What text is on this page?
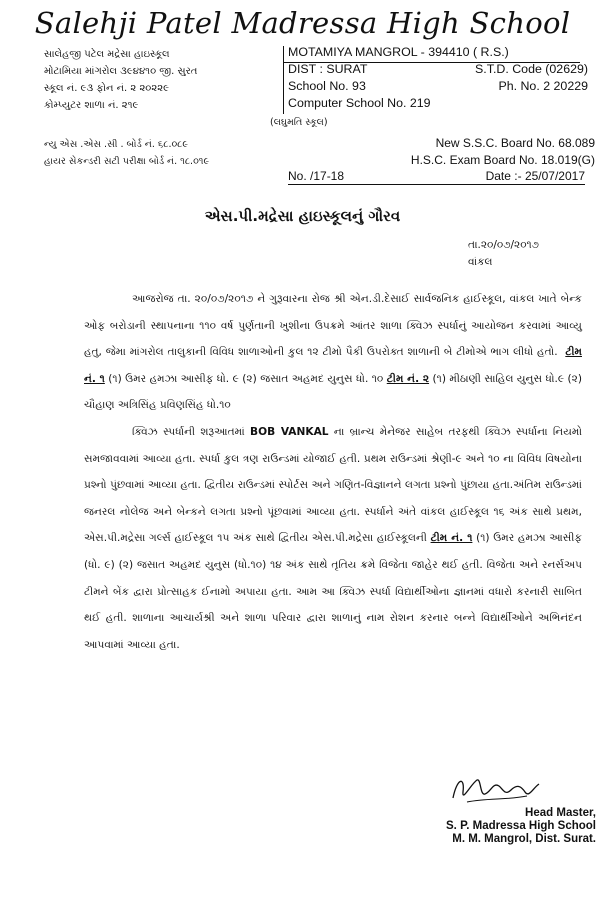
Salehji Patel Madressa High School
સાલેહજી પટેલ મદ્રેસા હાઇસ્કૂલ
મોટામિયા માંગરોલ ૩૯૪૪૧૦ જી. સુરત
સ્કૂલ નં. ૯૩ ફોન નં. ૨ ૨૦૨૨૯
કોમ્પ્યુટર શાળા નં. ૨૧૯
MOTAMIYA MANGROL - 394410 ( R.S.)
DIST : SURAT	S.T.D. Code (02629)
School No. 93	Ph. No. 2 20229
Computer School No. 219
(લઘુમતિ સ્કૂલ)
ન્યુ એસ .એસ .સી . બોર્ડ નં. ૬૮.૦૮૯
હાયર સેકન્ડરી સટી પરીક્ષા બોર્ડ નં. ૧૮.૦૧૯
New S.S.C. Board No. 68.089
H.S.C. Exam Board No. 18.019(G)
No. /17-18	Date :- 25/07/2017
એસ.પી.મદ્રેસા હાઇસ્કૂલનું ગૌરવ
તા.૨૦/૦૭/૨૦૧૭
વાંકલ

આજરોજ તા. ૨૦/૦૭/૨૦૧૭ ને ગુરૂવારના રોજ શ્રી એન.ડી.દેસાઈ સાર્વજનિક હાઈસ્કૂલ, વાંકલ ખાતે બેન્ક ઓફ બરોડાની સ્થાપનાના ૧૧૦ વર્ષ પુર્ણતાની ખુશીના ઉપક્રમે આંતર શાળા ક્વિઝ સ્પર્ધાનું આયોજન કરવામાં આવ્યુ હતુ, જેમા માંગરોલ તાલુકાની વિવિધ શાળાઓની કુલ ૧૨ ટીમો પૈકી ઉપરોક્ત શાળાની બે ટીમોએ ભાગ લીધો હતો. ટીમ નં. ૧ (૧) ઉમર હમઝા આસીફ ધો. ૯ (૨) જસાત અહમદ યુનુસ ધો. ૧૦ ટીમ નં. ૨ (૧) મીઠાણી સાહિલ યુનુસ ધો.૯ (૨) ચૌહાણ અત્રિસિંહ પ્રવિણસિંહ ધો.૧૦

ક્વિઝ સ્પર્ધાની શરૂઆતમાં BOB VANKAL ના બ્રાન્ચ મેનેજર સાહેબ તરફથી ક્વિઝ સ્પર્ધાના નિયમો સમજાવવામાં આવ્યા હતા. સ્પર્ધા કુલ ત્રણ રાઉન્ડમાં યોજાઈ હતી. પ્રથમ રાઉન્ડમાં શ્રેણી-૯ અને ૧૦ ના વિવિધ વિષયોના પ્રશ્નો પુંછવામાં આવ્યા હતા. દ્વિતીય રાઉન્ડમાં સ્પોર્ટસ અને ગણિત-વિજ્ઞાનને લગતા પ્રશ્નો પુંછાયા હતા.અંતિમ રાઉન્ડમાં જનરલ નોલેજ અને બેન્કને લગતા પ્રશ્નો પૂંછવામાં આવ્યા હતા. સ્પર્ધાને અંતે વાંકલ હાઈસ્કૂલ ૧૬ અંક સાથે પ્રથમ, એસ.પી.મદ્રેસા ગર્લ્સ હાઈસ્કૂલ ૧૫ અંક સાથે દ્વિતીય એસ.પી.મદ્રેસા હાઈસ્કૂલની ટીમ નં. ૧ (૧) ઉમર હમઝા આસીફ (ધો. ૯) (૨) જસાત અહમદ યુનુસ (ધો.૧૦) ૧૪ અંક સાથે તૃતિય ક્રમે વિજેતા જાહેર થઈ હતી. વિજેતા અને રનર્સઅપ ટીમને બેંક દ્વારા પ્રોત્સાહક ઈનામો અપાયા હતા. આમ આ ક્વિઝ સ્પર્ધા વિદ્યાર્થીઓના જ્ઞાનમાં વધારો કરનારી સાબિત થઈ હતી. શાળાના આચાર્યશ્રી અને શાળા પરિવાર દ્વારા શાળાનું નામ રોશન કરનાર બન્ને વિદ્યાર્થીઓને અભિનંદન આપવામાં આવ્યા હતા.

Head Master,
S. P. Madressa High School
M. M. Mangrol, Dist. Surat.
